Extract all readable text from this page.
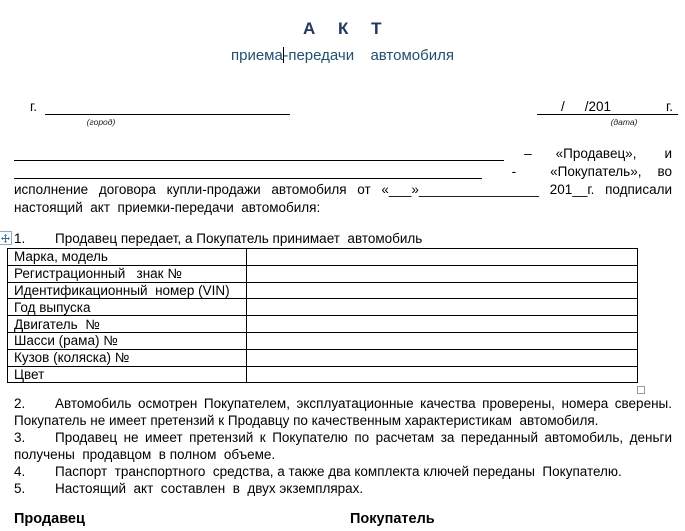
А К Т
приема-передачи  автомобиля
г.
(город)
/ /201	г.
(дата)
– «Продавец», и
-	«Покупатель», во
исполнение договора купли-продажи автомобиля от «___»________________ 201__г. подписали
настоящий  акт  приемки-передачи  автомобиля:
1. Продавец передает, а Покупатель принимает  автомобиль
Марка, модель	
Регистрационный   знак №	
Идентификационный  номер (VIN)	
Год выпуска	
Двигатель  №	
Шасси (рама) №	
Кузов (коляска) №	
Цвет	
2. Автомобиль осмотрен Покупателем, эксплуатационные качества проверены, номера сверены.
Покупатель не имеет претензий к Продавцу по качественным характеристикам  автомобиля.
3. Продавец не имеет претензий к Покупателю по расчетам за переданный автомобиль, деньги
получены  продавцом  в полном  объеме.
4. Паспорт  транспортного  средства, а также два комплекта ключей переданы  Покупателю.
5. Настоящий  акт  составлен  в  двух экземплярах.
Продавец	Покупатель
